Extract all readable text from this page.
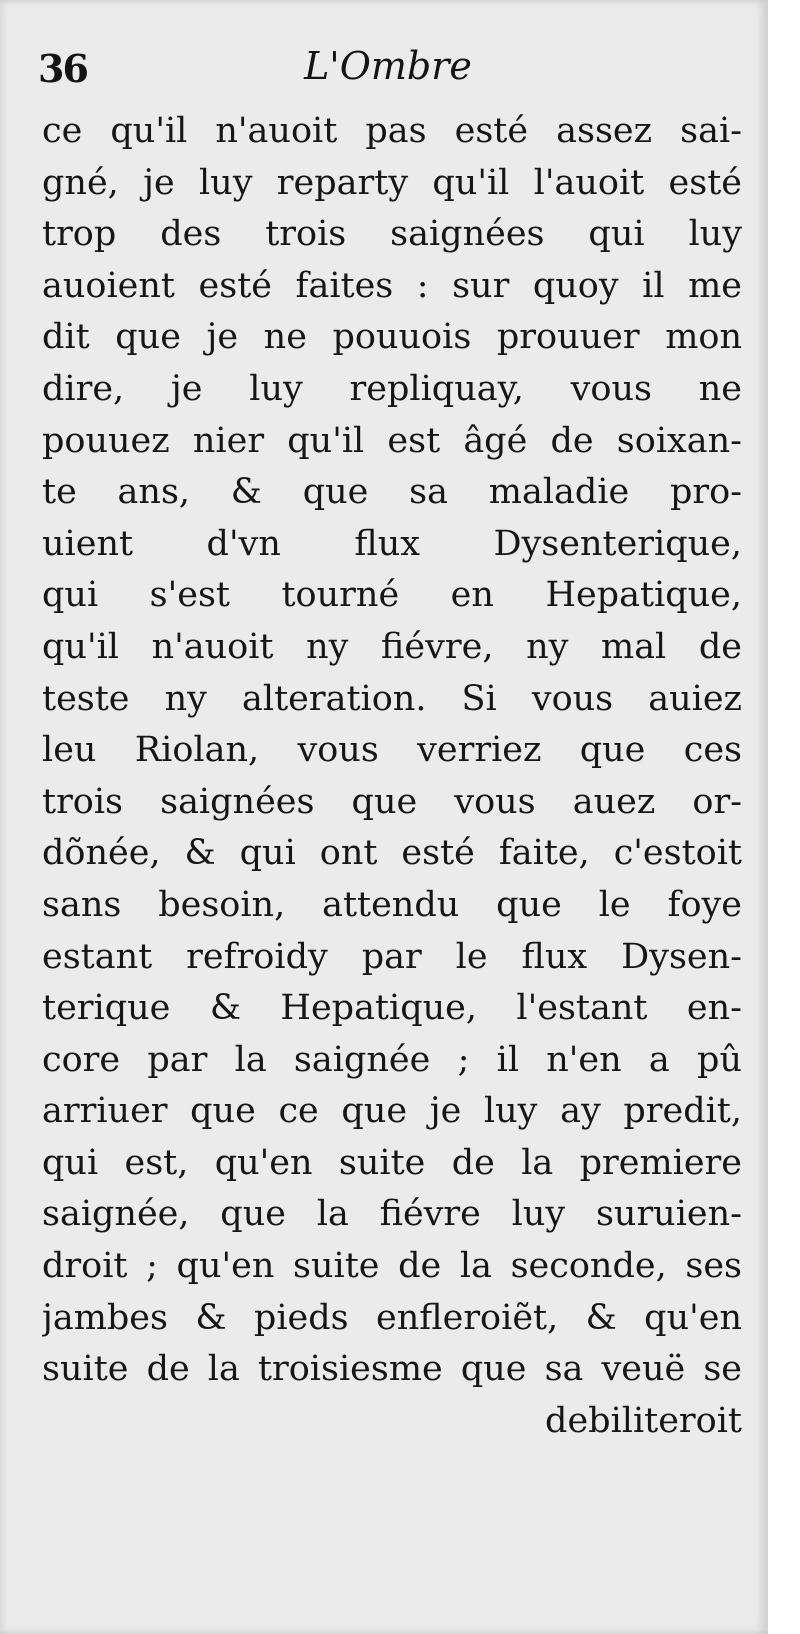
36	L'Ombre
ce qu'il n'auoit pas esté assez sai-
gné, je luy reparty qu'il l'auoit esté
trop des trois saignées qui luy
auoient esté faites : sur quoy il me
dit que je ne pouuois prouuer mon
dire, je luy repliquay, vous ne
pouuez nier qu'il est âgé de soixan-
te ans, & que sa maladie pro-
uient d'vn flux Dysenterique,
qui s'est tourné en Hepatique,
qu'il n'auoit ny fiévre, ny mal de
teste ny alteration. Si vous auiez
leu Riolan, vous verriez que ces
trois saignées que vous auez or-
dõnée, & qui ont esté faite, c'estoit
sans besoin, attendu que le foye
estant refroidy par le flux Dysen-
terique & Hepatique, l'estant en-
core par la saignée ; il n'en a pû
arriuer que ce que je luy ay predit,
qui est, qu'en suite de la premiere
saignée, que la fiévre luy suruien-
droit ; qu'en suite de la seconde, ses
jambes & pieds enfleroiẽt, & qu'en
suite de la troisiesme que sa veuë se
debiliteroit
